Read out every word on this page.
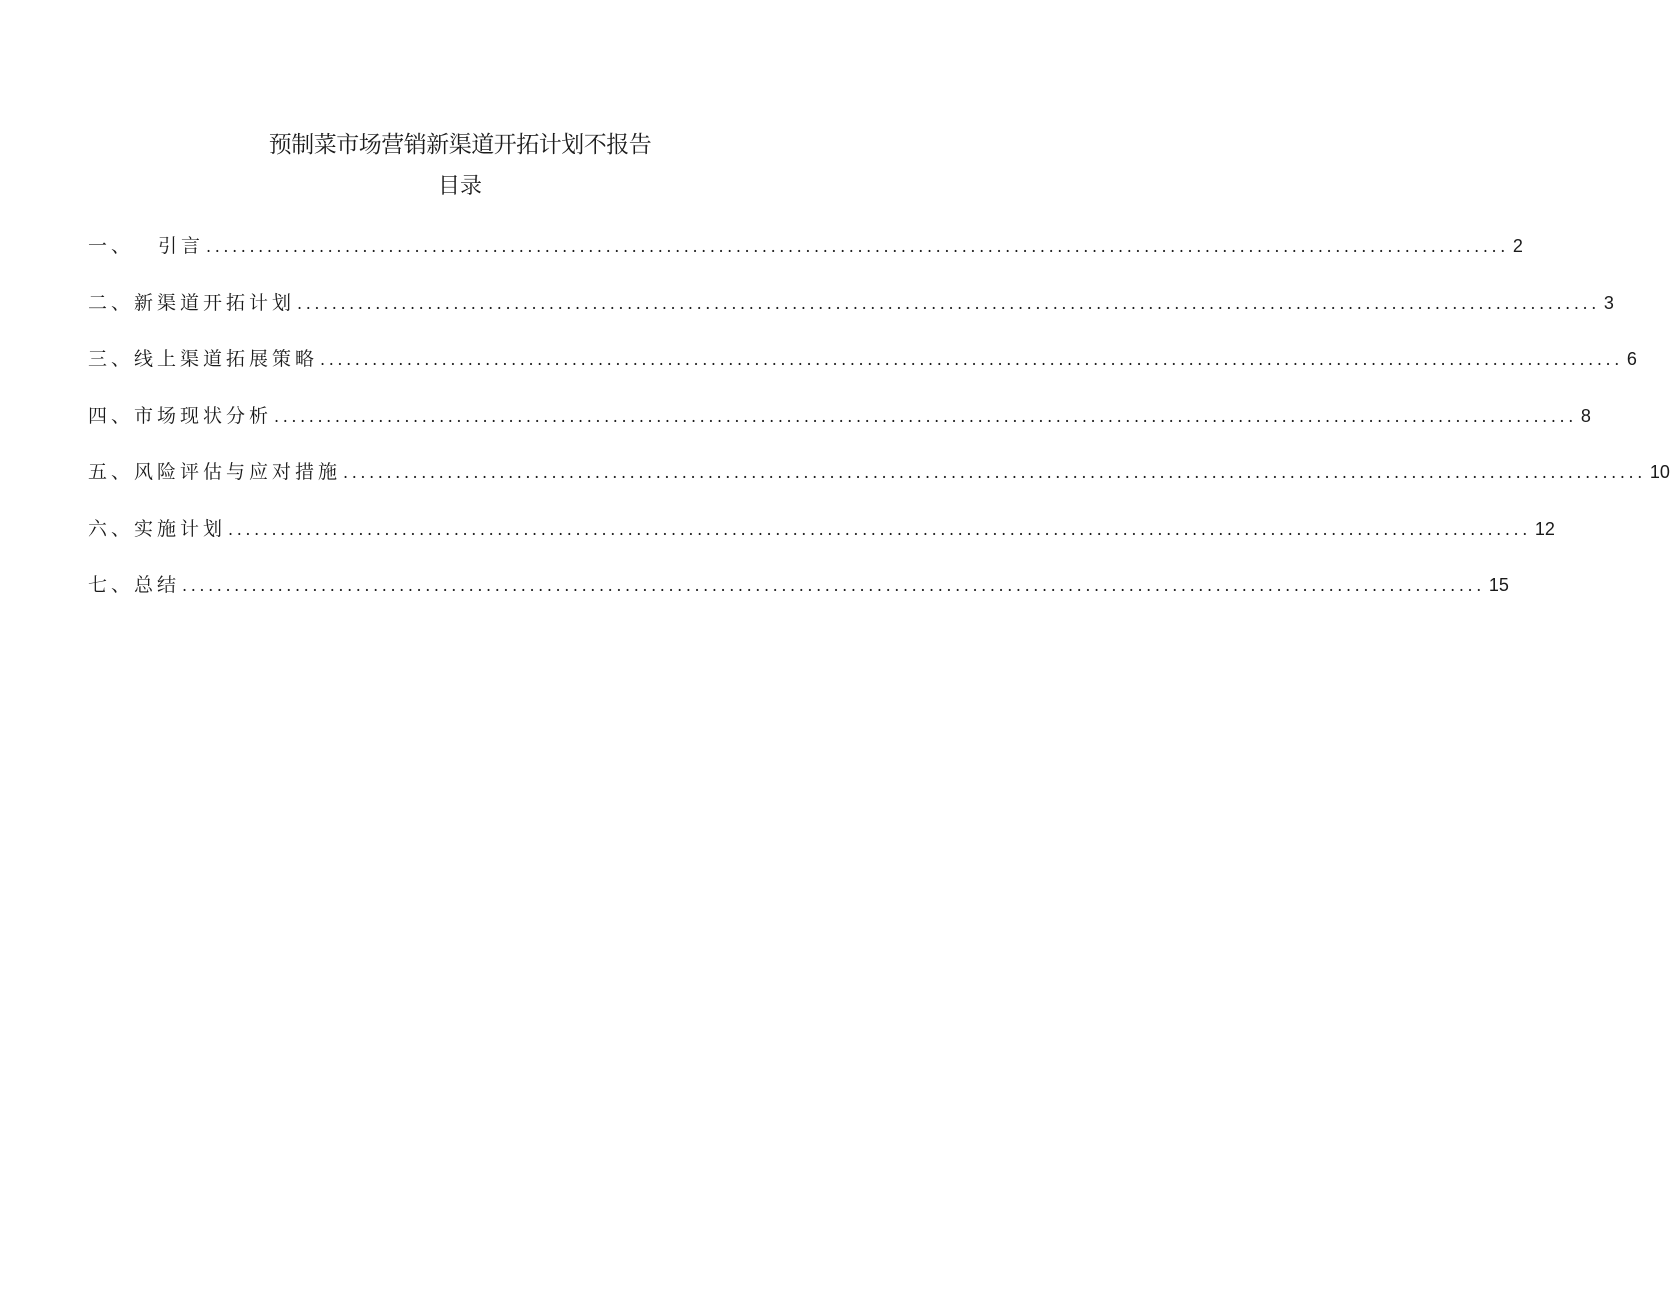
预制菜市场营销新渠道开拓计划不报告
目录
一、 引言 ...................................................................................................................................................... 2
二、新渠道开拓计划 ...................................................................................................................................................... 3
三、线上渠道拓展策略 ...................................................................................................................................................... 6
四、市场现状分析 ...................................................................................................................................................... 8
五、风险评估与应对措施 ...................................................................................................................................................... 10
六、实施计划 ...................................................................................................................................................... 12
七、总结 ...................................................................................................................................................... 15
